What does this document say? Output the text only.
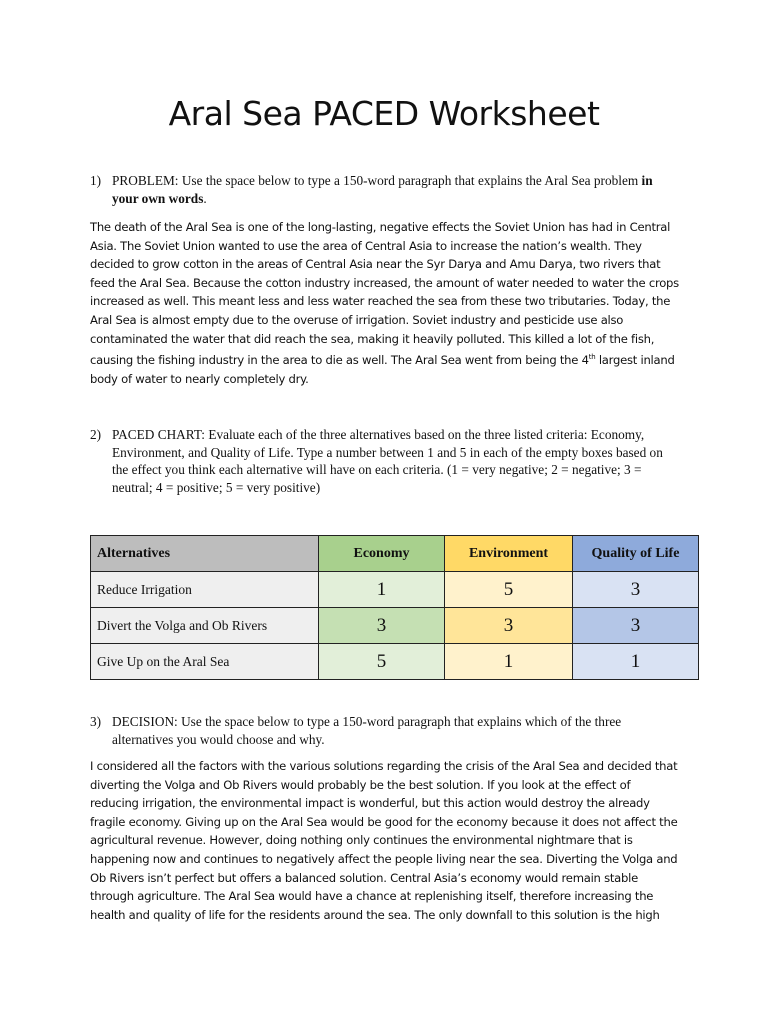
Aral Sea PACED Worksheet
1) PROBLEM: Use the space below to type a 150-word paragraph that explains the Aral Sea problem in your own words.

The death of the Aral Sea is one of the long-lasting, negative effects the Soviet Union has had in Central Asia. The Soviet Union wanted to use the area of Central Asia to increase the nation’s wealth. They decided to grow cotton in the areas of Central Asia near the Syr Darya and Amu Darya, two rivers that feed the Aral Sea. Because the cotton industry increased, the amount of water needed to water the crops increased as well. This meant less and less water reached the sea from these two tributaries. Today, the Aral Sea is almost empty due to the overuse of irrigation. Soviet industry and pesticide use also contaminated the water that did reach the sea, making it heavily polluted. This killed a lot of the fish, causing the fishing industry in the area to die as well. The Aral Sea went from being the 4th largest inland body of water to nearly completely dry.

2) PACED CHART: Evaluate each of the three alternatives based on the three listed criteria: Economy, Environment, and Quality of Life. Type a number between 1 and 5 in each of the empty boxes based on the effect you think each alternative will have on each criteria. (1 = very negative; 2 = negative; 3 = neutral; 4 = positive; 5 = very positive)
Alternatives	Economy	Environment	Quality of Life
Reduce Irrigation	1	5	3
Divert the Volga and Ob Rivers	3	3	3
Give Up on the Aral Sea	5	1	1
3) DECISION: Use the space below to type a 150-word paragraph that explains which of the three alternatives you would choose and why.

I considered all the factors with the various solutions regarding the crisis of the Aral Sea and decided that diverting the Volga and Ob Rivers would probably be the best solution. If you look at the effect of reducing irrigation, the environmental impact is wonderful, but this action would destroy the already fragile economy. Giving up on the Aral Sea would be good for the economy because it does not affect the agricultural revenue. However, doing nothing only continues the environmental nightmare that is happening now and continues to negatively affect the people living near the sea. Diverting the Volga and Ob Rivers isn’t perfect but offers a balanced solution. Central Asia’s economy would remain stable through agriculture. The Aral Sea would have a chance at replenishing itself, therefore increasing the health and quality of life for the residents around the sea. The only downfall to this solution is the high
